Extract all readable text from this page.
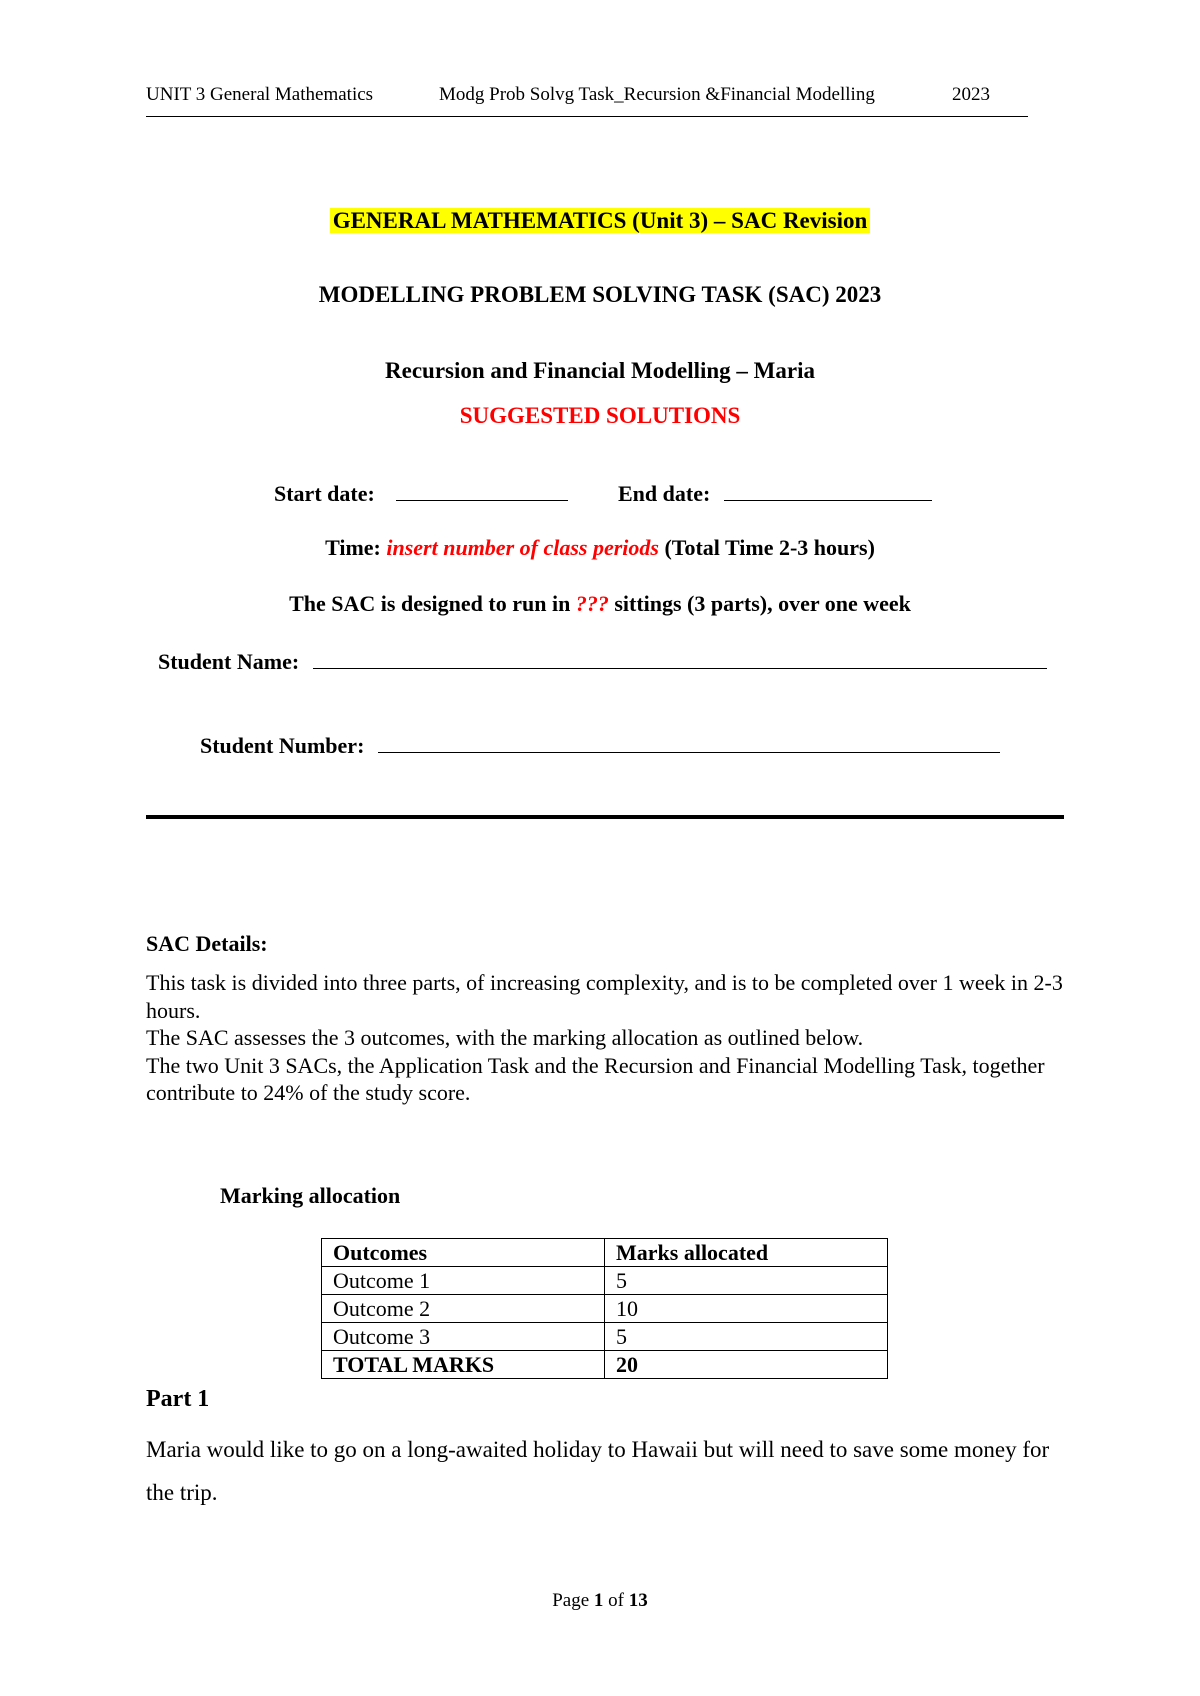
UNIT 3 General Mathematics	Modg Prob Solvg Task_Recursion &Financial Modelling	2023
GENERAL MATHEMATICS (Unit 3) – SAC Revision
MODELLING PROBLEM SOLVING TASK (SAC) 2023
Recursion and Financial Modelling – Maria
SUGGESTED SOLUTIONS
Start date:	End date:
Time: insert number of class periods (Total Time 2-3 hours)
The SAC is designed to run in ??? sittings (3 parts), over one week
Student Name:
Student Number:
SAC Details:
This task is divided into three parts, of increasing complexity, and is to be completed over 1 week in 2-3 hours.
The SAC assesses the 3 outcomes, with the marking allocation as outlined below.
The two Unit 3 SACs, the Application Task and the Recursion and Financial Modelling Task, together contribute to 24% of the study score.
Marking allocation
Outcomes	Marks allocated
Outcome 1	5
Outcome 2	10
Outcome 3	5
TOTAL MARKS	20
Part 1
Maria would like to go on a long-awaited holiday to Hawaii but will need to save some money for the trip.
Page 1 of 13
